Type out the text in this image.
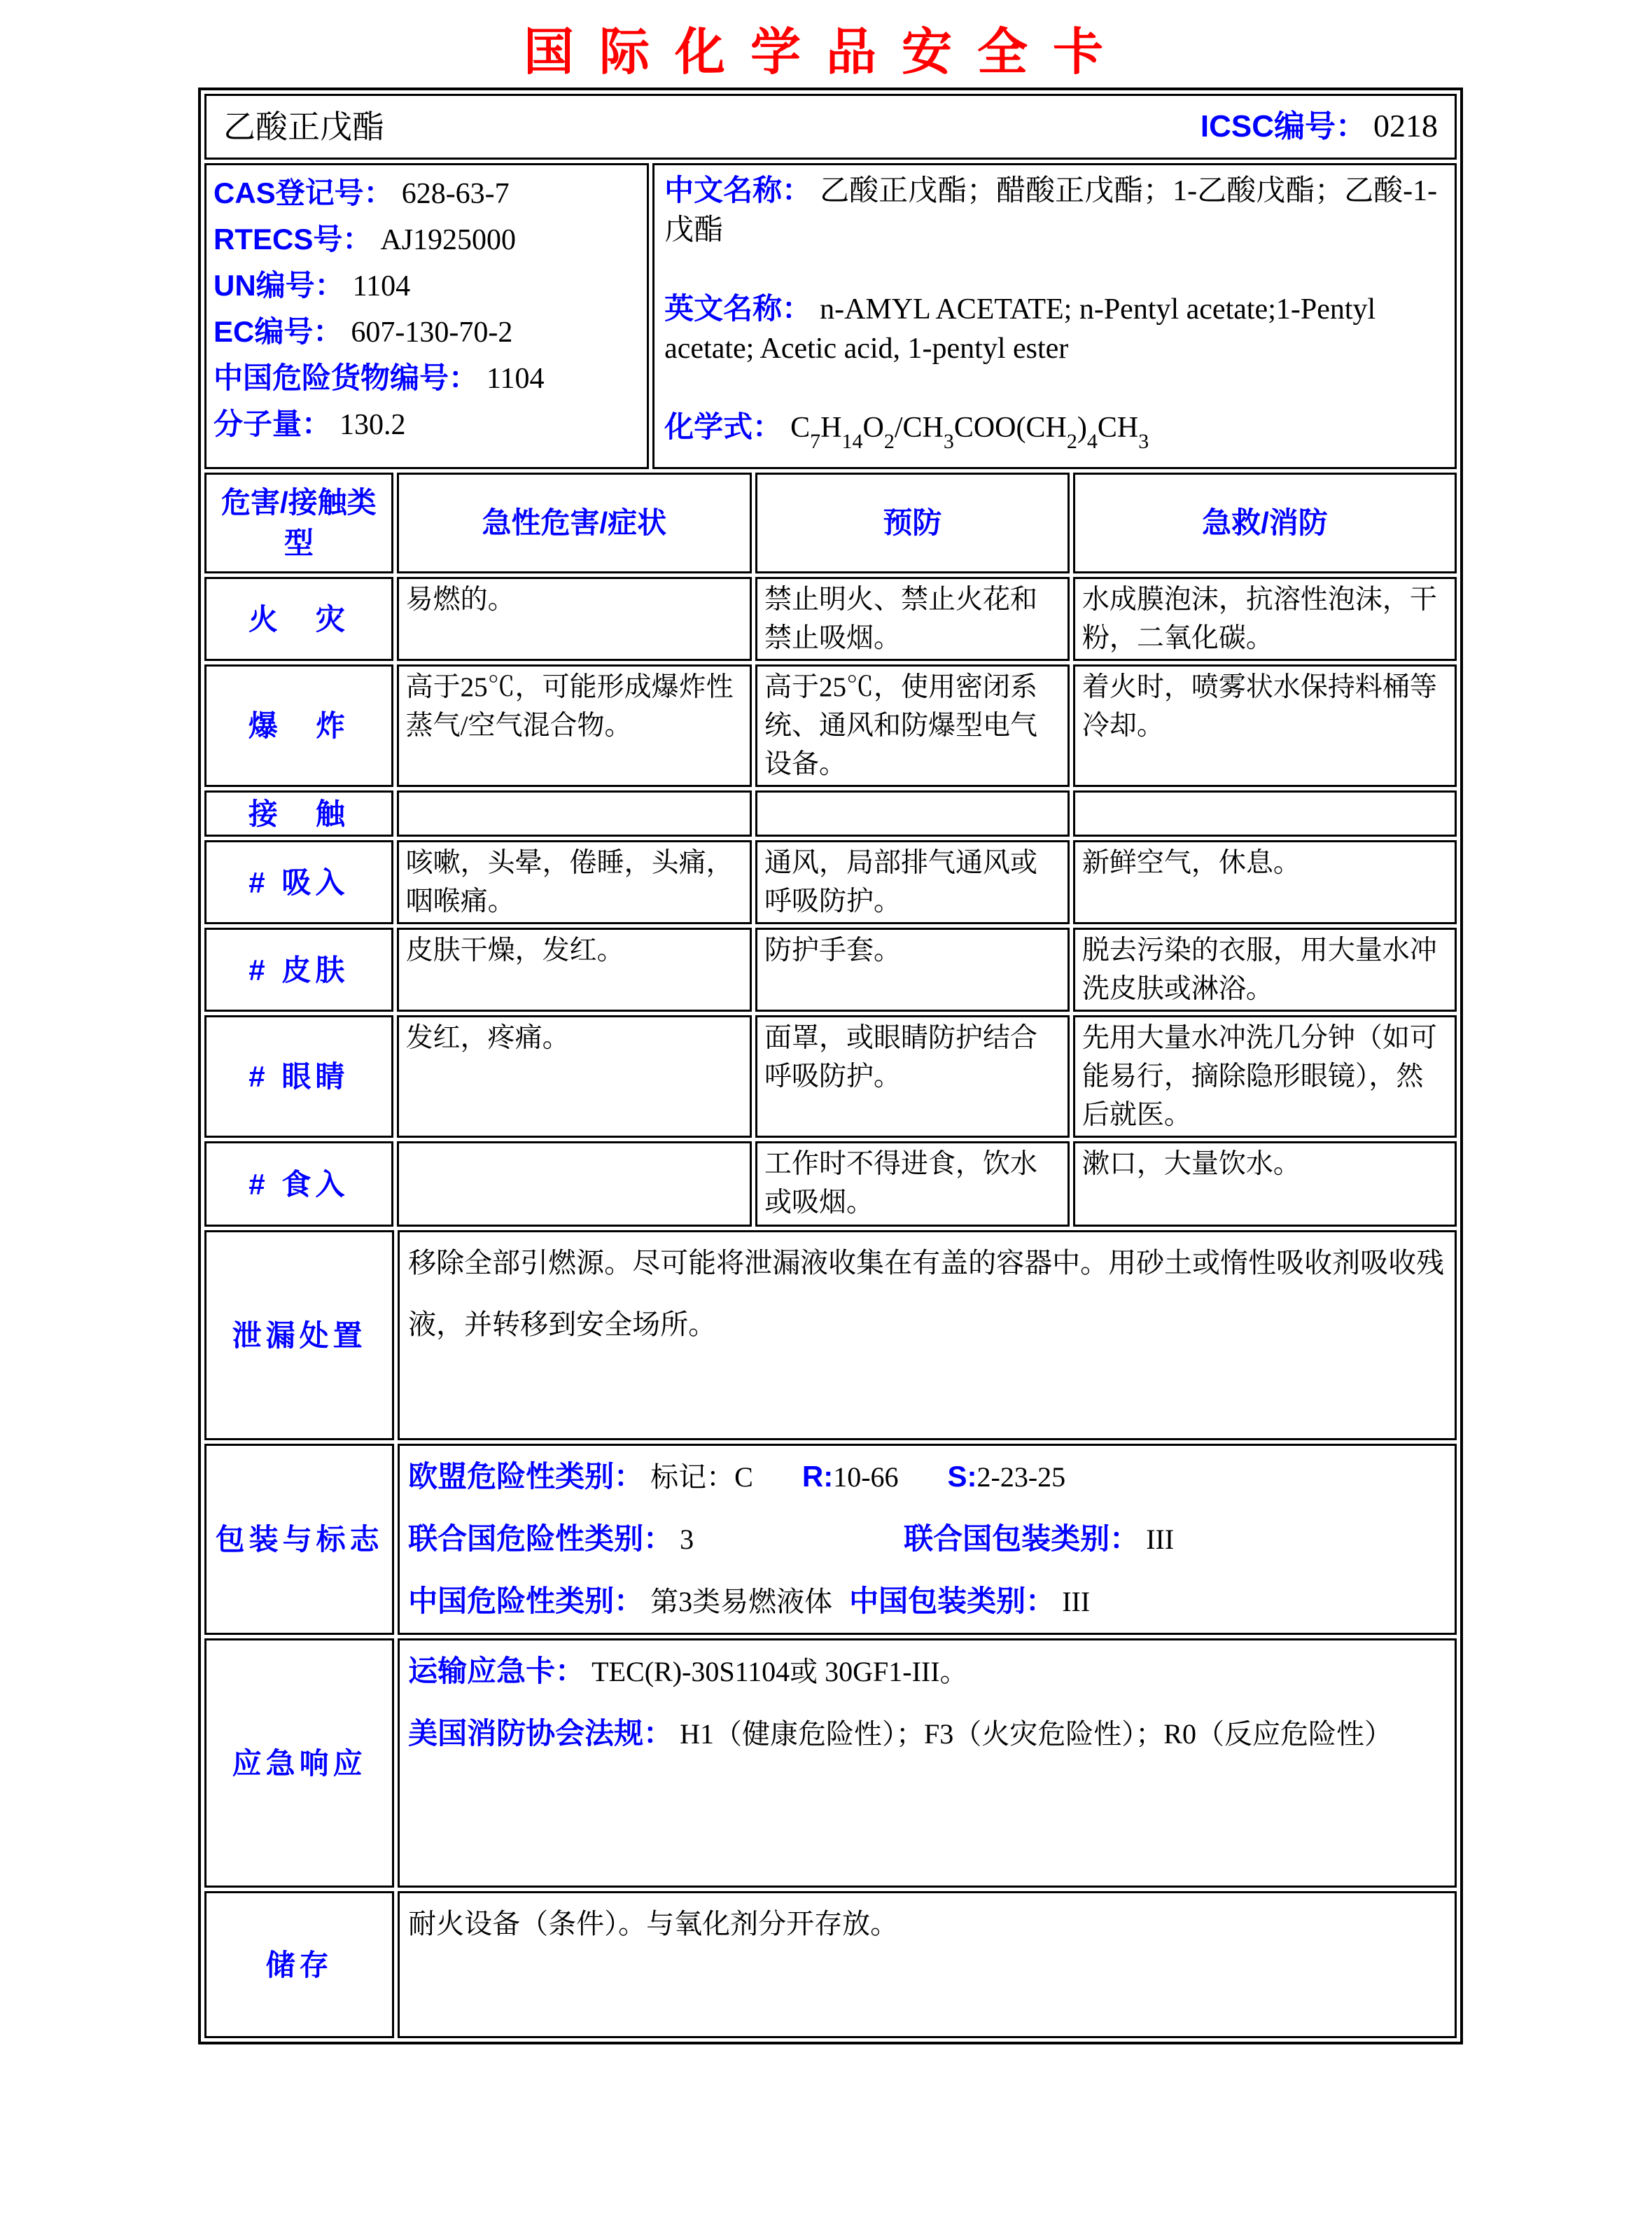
国际化学品安全卡
乙酸正戊酯	ICSC编号： 0218

CAS登记号： 628-63-7
RTECS号： AJ1925000
UN编号： 1104
EC编号： 607-130-70-2
中国危险货物编号： 1104
分子量： 130.2

中文名称： 乙酸正戊酯；醋酸正戊酯；1-乙酸戊酯；乙酸-1-戊酯
英文名称： n-AMYL ACETATE; n-Pentyl acetate;1-Pentyl acetate; Acetic acid, 1-pentyl ester
化学式： $C_7H_{14}O_2/CH_3COO(CH_2)_4CH_3$
危害/接触类型	急性危害/症状	预防	急救/消防
火　灾	易燃的。	禁止明火、禁止火花和禁止吸烟。	水成膜泡沫，抗溶性泡沫，干粉，二氧化碳。
爆　炸	高于25℃，可能形成爆炸性蒸气/空气混合物。	高于25℃，使用密闭系统、通风和防爆型电气设备。	着火时，喷雾状水保持料桶等冷却。
接　触			
# 吸入	咳嗽，头晕，倦睡，头痛，咽喉痛。	通风，局部排气通风或呼吸防护。	新鲜空气，休息。
# 皮肤	皮肤干燥，发红。	防护手套。	脱去污染的衣服，用大量水冲洗皮肤或淋浴。
# 眼睛	发红，疼痛。	面罩，或眼睛防护结合呼吸防护。	先用大量水冲洗几分钟（如可能易行，摘除隐形眼镜），然后就医。
# 食入		工作时不得进食，饮水或吸烟。	漱口，大量饮水。
泄漏处置	移除全部引燃源。尽可能将泄漏液收集在有盖的容器中。用砂土或惰性吸收剂吸收残液，并转移到安全场所。
包装与标志	欧盟危险性类别： 标记：C R:10-66 S:2-23-25
联合国危险性类别： 3 联合国包装类别： III
中国危险性类别： 第3类易燃液体 中国包装类别： III

应急响应	运输应急卡： TEC(R)-30S1104或 30GF1-III。
美国消防协会法规： H1（健康危险性）；F3（火灾危险性）；R0（反应危险性）

储存	耐火设备（条件）。与氧化剂分开存放。
